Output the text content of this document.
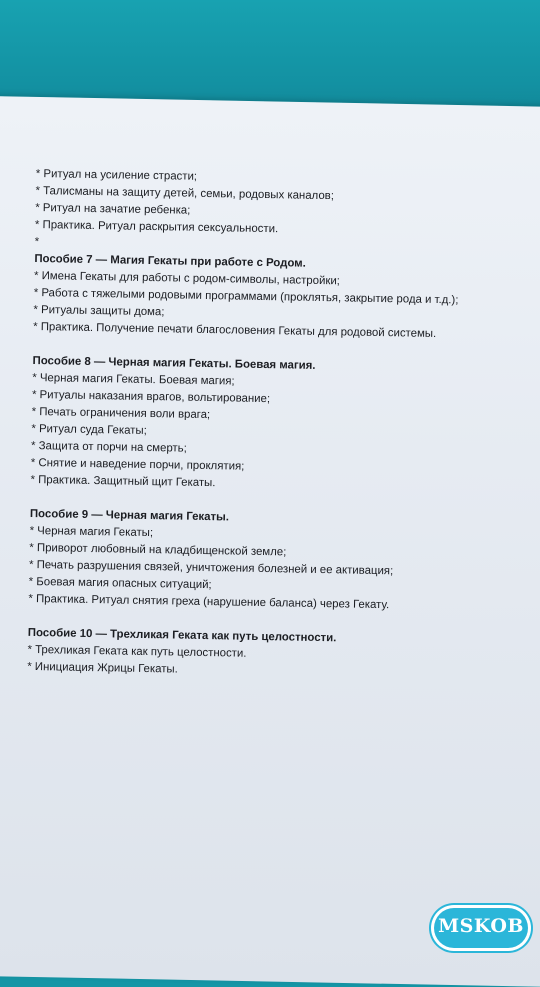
* Ритуал на усиление страсти;
* Талисманы на защиту детей, семьи, родовых каналов;
* Ритуал на зачатие ребенка;
* Практика. Ритуал раскрытия сексуальности.
*
Пособие 7 — Магия Гекаты при работе с Родом.
* Имена Гекаты для работы с родом-символы, настройки;
* Работа с тяжелыми родовыми программами (проклятья, закрытие рода и т.д.);
* Ритуалы защиты дома;
* Практика. Получение печати благословения Гекаты для родовой системы.
Пособие 8 — Черная магия Гекаты. Боевая магия.
* Черная магия Гекаты. Боевая магия;
* Ритуалы наказания врагов, вольтирование;
* Печать ограничения воли врага;
* Ритуал суда Гекаты;
* Защита от порчи на смерть;
* Снятие и наведение порчи, проклятия;
* Практика. Защитный щит Гекаты.
Пособие 9 — Черная магия Гекаты.
* Черная магия Гекаты;
* Приворот любовный на кладбищенской земле;
* Печать разрушения связей, уничтожения болезней и ее активация;
* Боевая магия опасных ситуаций;
* Практика. Ритуал снятия греха (нарушение баланса) через Гекату.
Пособие 10 — Трехликая Геката как путь целостности.
* Трехликая Геката как путь целостности.
* Инициация Жрицы Гекаты.
MSKOB
